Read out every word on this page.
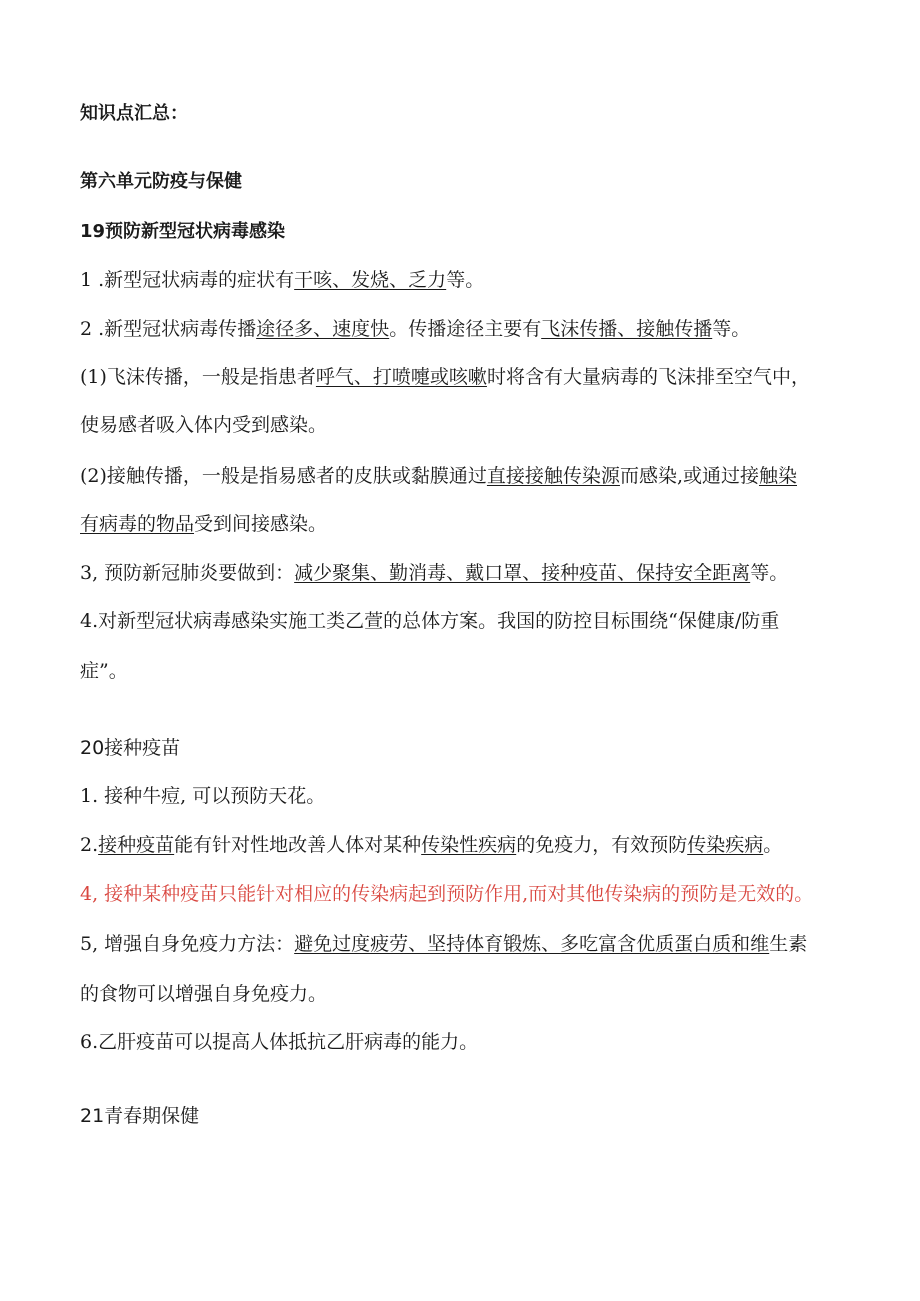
知识点汇总：
第六单元防疫与保健
19预防新型冠状病毒感染
1 .新型冠状病毒的症状有干咳、发烧、乏力等。
2 .新型冠状病毒传播途径多、速度快。传播途径主要有飞沫传播、接触传播等。
(1)飞沫传播，一般是指患者呼气、打喷嚏或咳嗽时将含有大量病毒的飞沫排至空气中，
使易感者吸入体内受到感染。
(2)接触传播，一般是指易感者的皮肤或黏膜通过直接接触传染源而感染,或通过接触染
有病毒的物品受到间接感染。
3, 预防新冠肺炎要做到：减少聚集、勤消毒、戴口罩、接种疫苗、保持安全距离等。
4.对新型冠状病毒感染实施工类乙萱的总体方案。我国的防控目标围绕“保健康/防重
症”。
20接种疫苗
1. 接种牛痘, 可以预防天花。
2.接种疫苗能有针对性地改善人体对某种传染性疾病的免疫力，有效预防传染疾病。
4, 接种某种疫苗只能针对相应的传染病起到预防作用,而对其他传染病的预防是无效的。
5, 增强自身免疫力方法：避免过度疲劳、坚持体育锻炼、多吃富含优质蛋白质和维生素
的食物可以增强自身免疫力。
6.乙肝疫苗可以提高人体抵抗乙肝病毒的能力。
21青春期保健
